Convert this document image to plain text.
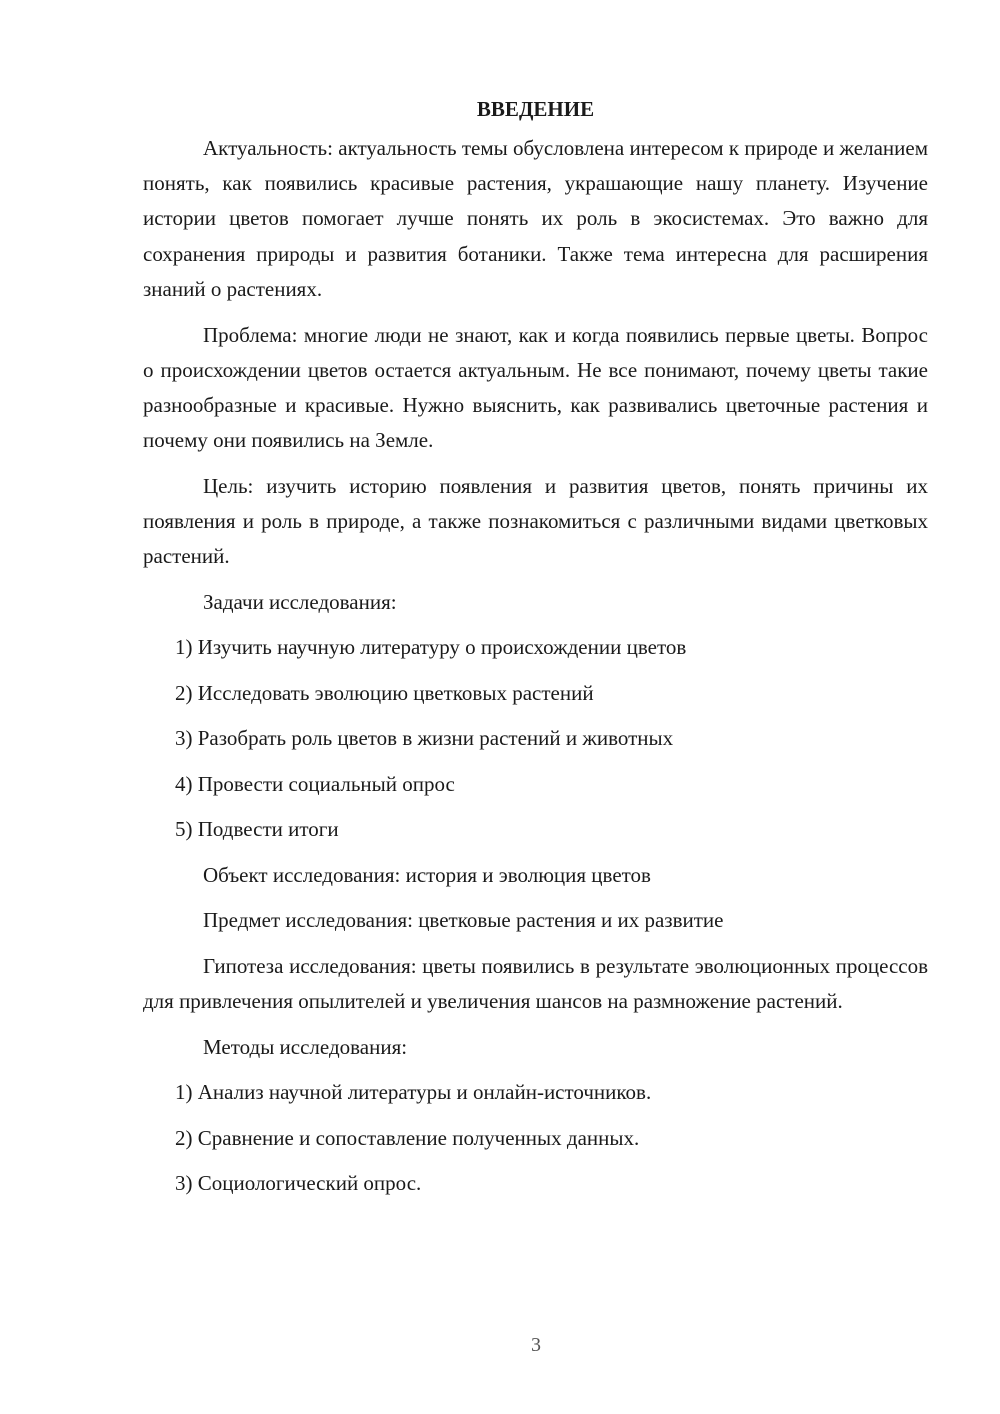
ВВЕДЕНИЕ

Актуальность: актуальность темы обусловлена интересом к природе и желанием понять, как появились красивые растения, украшающие нашу планету. Изучение истории цветов помогает лучше понять их роль в экосистемах. Это важно для сохранения природы и развития ботаники. Также тема интересна для расширения знаний о растениях.

Проблема: многие люди не знают, как и когда появились первые цветы. Вопрос о происхождении цветов остается актуальным. Не все понимают, почему цветы такие разнообразные и красивые. Нужно выяснить, как развивались цветочные растения и почему они появились на Земле.

Цель: изучить историю появления и развития цветов, понять причины их появления и роль в природе, а также познакомиться с различными видами цветковых растений.

Задачи исследования:
1) Изучить научную литературу о происхождении цветов
2) Исследовать эволюцию цветковых растений
3) Разобрать роль цветов в жизни растений и животных
4) Провести социальный опрос
5) Подвести итоги
Объект исследования: история и эволюция цветов
Предмет исследования: цветковые растения и их развитие

Гипотеза исследования: цветы появились в результате эволюционных процессов для привлечения опылителей и увеличения шансов на размножение растений.

Методы исследования:
1) Анализ научной литературы и онлайн-источников.
2) Сравнение и сопоставление полученных данных.
3) Социологический опрос.
3
